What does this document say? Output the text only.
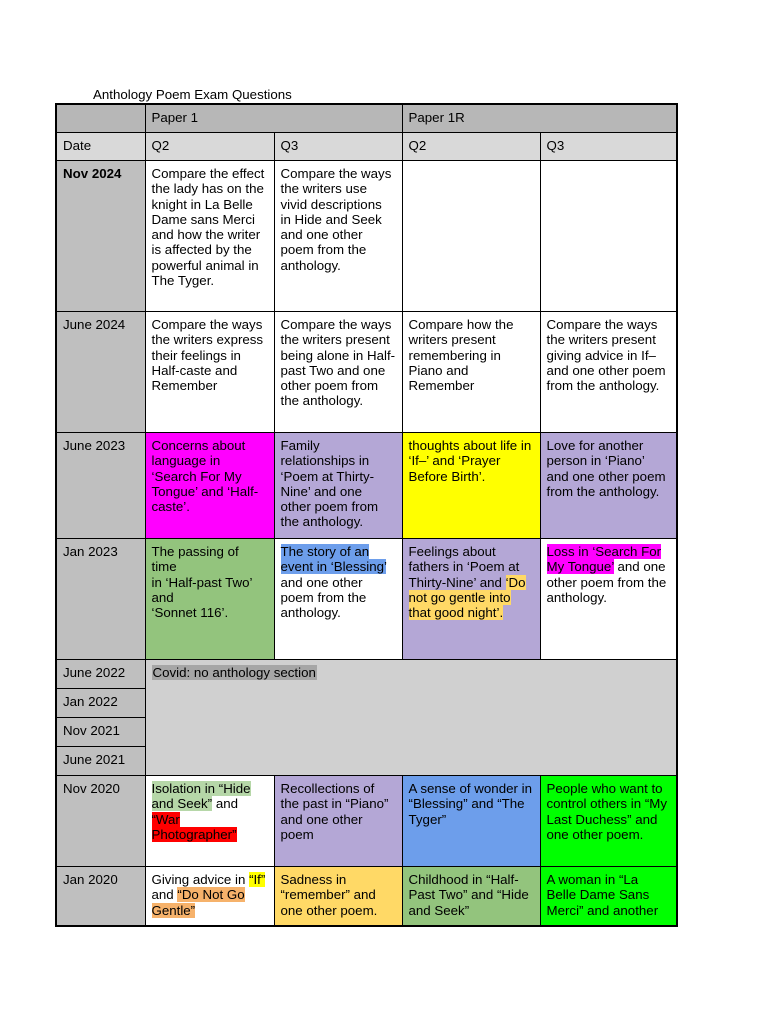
Anthology Poem Exam Questions
	Paper 1		Paper 1R	
Date	Q2	Q3	Q2	Q3
Nov 2024	Compare the effect the lady has on the knight in La Belle Dame sans Merci and how the writer is affected by the powerful animal in The Tyger.	Compare the ways the writers use vivid descriptions in Hide and Seek and one other poem from the anthology.		
June 2024	Compare the ways the writers express their feelings in Half-caste and Remember	Compare the ways the writers present being alone in Half-past Two and one other poem from the anthology.	Compare how the writers present remembering in Piano and Remember	Compare the ways the writers present giving advice in If– and one other poem from the anthology.
June 2023	Concerns about language in ‘Search For My Tongue’ and ‘Half-caste’.	Family relationships in ‘Poem at Thirty-Nine’ and one other poem from the anthology.	thoughts about life in ‘If–’ and ‘Prayer Before Birth’.	Love for another person in ‘Piano’ and one other poem from the anthology.
Jan 2023	The passing of time
in ‘Half-past Two’ and
‘Sonnet 116’.	The story of an event in ‘Blessing’ and one other poem from the anthology.	Feelings about fathers in ‘Poem at Thirty-Nine’ and ‘Do not go gentle into that good night’.	Loss in ‘Search For My Tongue’ and one other poem from the anthology.
June 2022	Covid: no anthology section			
Jan 2022				
Nov 2021				
June 2021				
Nov 2020	Isolation in “Hide and Seek” and “War Photographer”	Recollections of the past in “Piano” and one other poem	A sense of wonder in “Blessing” and “The Tyger”	People who want to control others in “My Last Duchess” and one other poem.
Jan 2020	Giving advice in “If” and “Do Not Go Gentle”	Sadness in “remember” and one other poem.	Childhood in “Half-Past Two” and “Hide and Seek”	A woman in “La Belle Dame Sans Merci” and another
